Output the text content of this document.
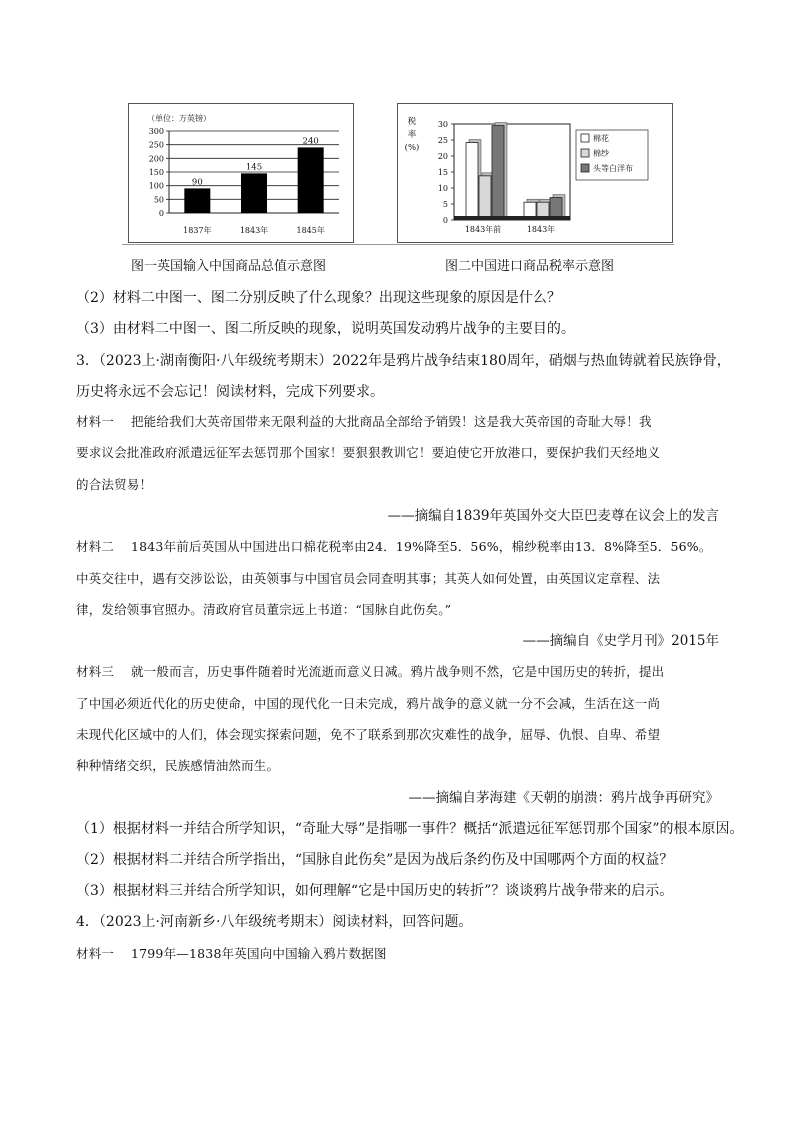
（单位：万英镑）
0
50
100
150
200
250
300
90
145
240
1837年	1843年	1845年
税
率
(%)
0
5
10
15
20
25
30
1843年前	1843年
棉花
棉纱
头等白洋布
图一英国输入中国商品总值示意图	图二中国进口商品税率示意图
（2）材料二中图一、图二分别反映了什么现象？出现这些现象的原因是什么？
（3）由材料二中图一、图二所反映的现象，说明英国发动鸦片战争的主要目的。
3．（2023上·湖南衡阳·八年级统考期末）2022年是鸦片战争结束180周年，硝烟与热血铸就着民族铮骨，
历史将永远不会忘记！阅读材料，完成下列要求。
材料一　 把能给我们大英帝国带来无限利益的大批商品全部给予销毁！这是我大英帝国的奇耻大辱！我
要求议会批准政府派遣远征军去惩罚那个国家！要狠狠教训它！要迫使它开放港口，要保护我们天经地义
的合法贸易！
——摘编自1839年英国外交大臣巴麦尊在议会上的发言
材料二　 1843年前后英国从中国进出口棉花税率由24．19%降至5．56%，棉纱税率由13．8%降至5．56%。
中英交往中，遇有交涉讼讼，由英领事与中国官员会同查明其事；其英人如何处置，由英国议定章程、法
律，发给领事官照办。清政府官员董宗远上书道：“国脉自此伤矣。”
——摘编自《史学月刊》2015年
材料三　 就一般而言，历史事件随着时光流逝而意义日减。鸦片战争则不然，它是中国历史的转折，提出
了中国必须近代化的历史使命，中国的现代化一日未完成，鸦片战争的意义就一分不会减，生活在这一尚
未现代化区域中的人们，体会现实探索问题，免不了联系到那次灾难性的战争，屈辱、仇恨、自卑、希望
种种情绪交织，民族感情油然而生。
——摘编自茅海建《天朝的崩溃：鸦片战争再研究》
（1）根据材料一并结合所学知识，“奇耻大辱”是指哪一事件？概括“派遣远征军惩罚那个国家”的根本原因。
（2）根据材料二并结合所学指出，“国脉自此伤矣”是因为战后条约伤及中国哪两个方面的权益？
（3）根据材料三并结合所学知识，如何理解“它是中国历史的转折”？谈谈鸦片战争带来的启示。
4．（2023上·河南新乡·八年级统考期末）阅读材料，回答问题。
材料一　 1799年—1838年英国向中国输入鸦片数据图
